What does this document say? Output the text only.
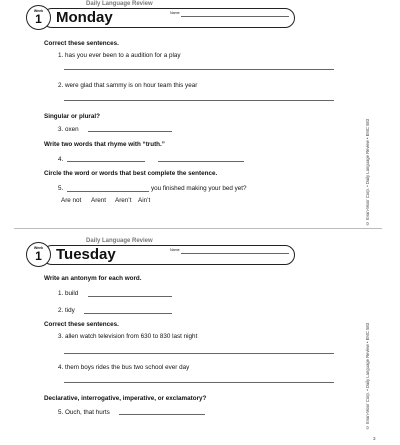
Daily Language Review
Week
1 Monday	Name
Correct these sentences.
1. has you ever been to a audition for a play
2. were glad that sammy is on hour team this year
Singular or plural?
3. oxen
Write two words that rhyme with “truth.”
4.
Circle the word or words that best complete the sentence.
5.	you finished making your bed yet?
Are not Arent Aren’t Ain’t	© Evan-Moor Corp. • Daily Language Review • EMC 583
Daily Language Review
Week
1 Tuesday	Name
Write an antonym for each word.
1. build
2. tidy
Correct these sentences.
3. allen watch television from 630 to 830 last night
4. them boys rides the bus two school ever day
Declarative, interrogative, imperative, or exclamatory?
5. Ouch, that hurts	© Evan-Moor Corp. • Daily Language Review • EMC 583
3
